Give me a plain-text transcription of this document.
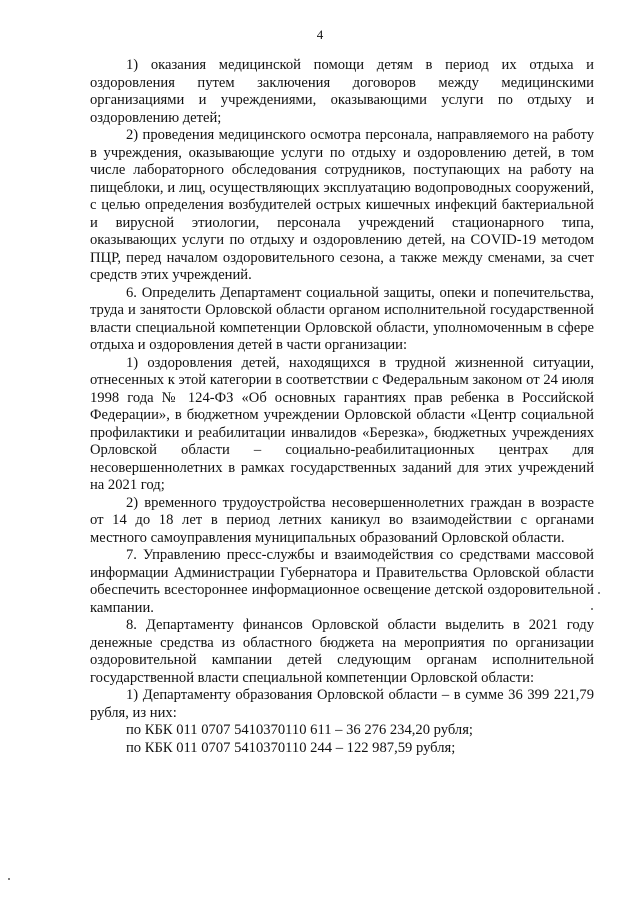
4

1) оказания медицинской помощи детям в период их отдыха и оздоровления путем заключения договоров между медицинскими организациями и учреждениями, оказывающими услуги по отдыху и оздоровлению детей;

2) проведения медицинского осмотра персонала, направляемого на работу в учреждения, оказывающие услуги по отдыху и оздоровлению детей, в том числе лабораторного обследования сотрудников, поступающих на работу на пищеблоки, и лиц, осуществляющих эксплуатацию водопроводных сооружений, с целью определения возбудителей острых кишечных инфекций бактериальной и вирусной этиологии, персонала учреждений стационарного типа, оказывающих услуги по отдыху и оздоровлению детей, на COVID-19 методом ПЦР, перед началом оздоровительного сезона, а также между сменами, за счет средств этих учреждений.

6. Определить Департамент социальной защиты, опеки и попечительства, труда и занятости Орловской области органом исполнительной государственной власти специальной компетенции Орловской области, уполномоченным в сфере отдыха и оздоровления детей в части организации:

1) оздоровления детей, находящихся в трудной жизненной ситуации, отнесенных к этой категории в соответствии с Федеральным законом от 24 июля 1998 года № 124-ФЗ «Об основных гарантиях прав ребенка в Российской Федерации», в бюджетном учреждении Орловской области «Центр социальной профилактики и реабилитации инвалидов «Березка», бюджетных учреждениях Орловской области – социально-реабилитационных центрах для несовершеннолетних в рамках государственных заданий для этих учреждений на 2021 год;

2) временного трудоустройства несовершеннолетних граждан в возрасте от 14 до 18 лет в период летних каникул во взаимодействии с органами местного самоуправления муниципальных образований Орловской области.

7. Управлению пресс-службы и взаимодействия со средствами массовой информации Администрации Губернатора и Правительства Орловской области обеспечить всестороннее информационное освещение детской оздоровительной кампании.

8. Департаменту финансов Орловской области выделить в 2021 году денежные средства из областного бюджета на мероприятия по организации оздоровительной кампании детей следующим органам исполнительной государственной власти специальной компетенции Орловской области:

1) Департаменту образования Орловской области – в сумме 36 399 221,79 рубля, из них:

по КБК 011 0707 5410370110 611 – 36 276 234,20 рубля;

по КБК 011 0707 5410370110 244 – 122 987,59 рубля;
